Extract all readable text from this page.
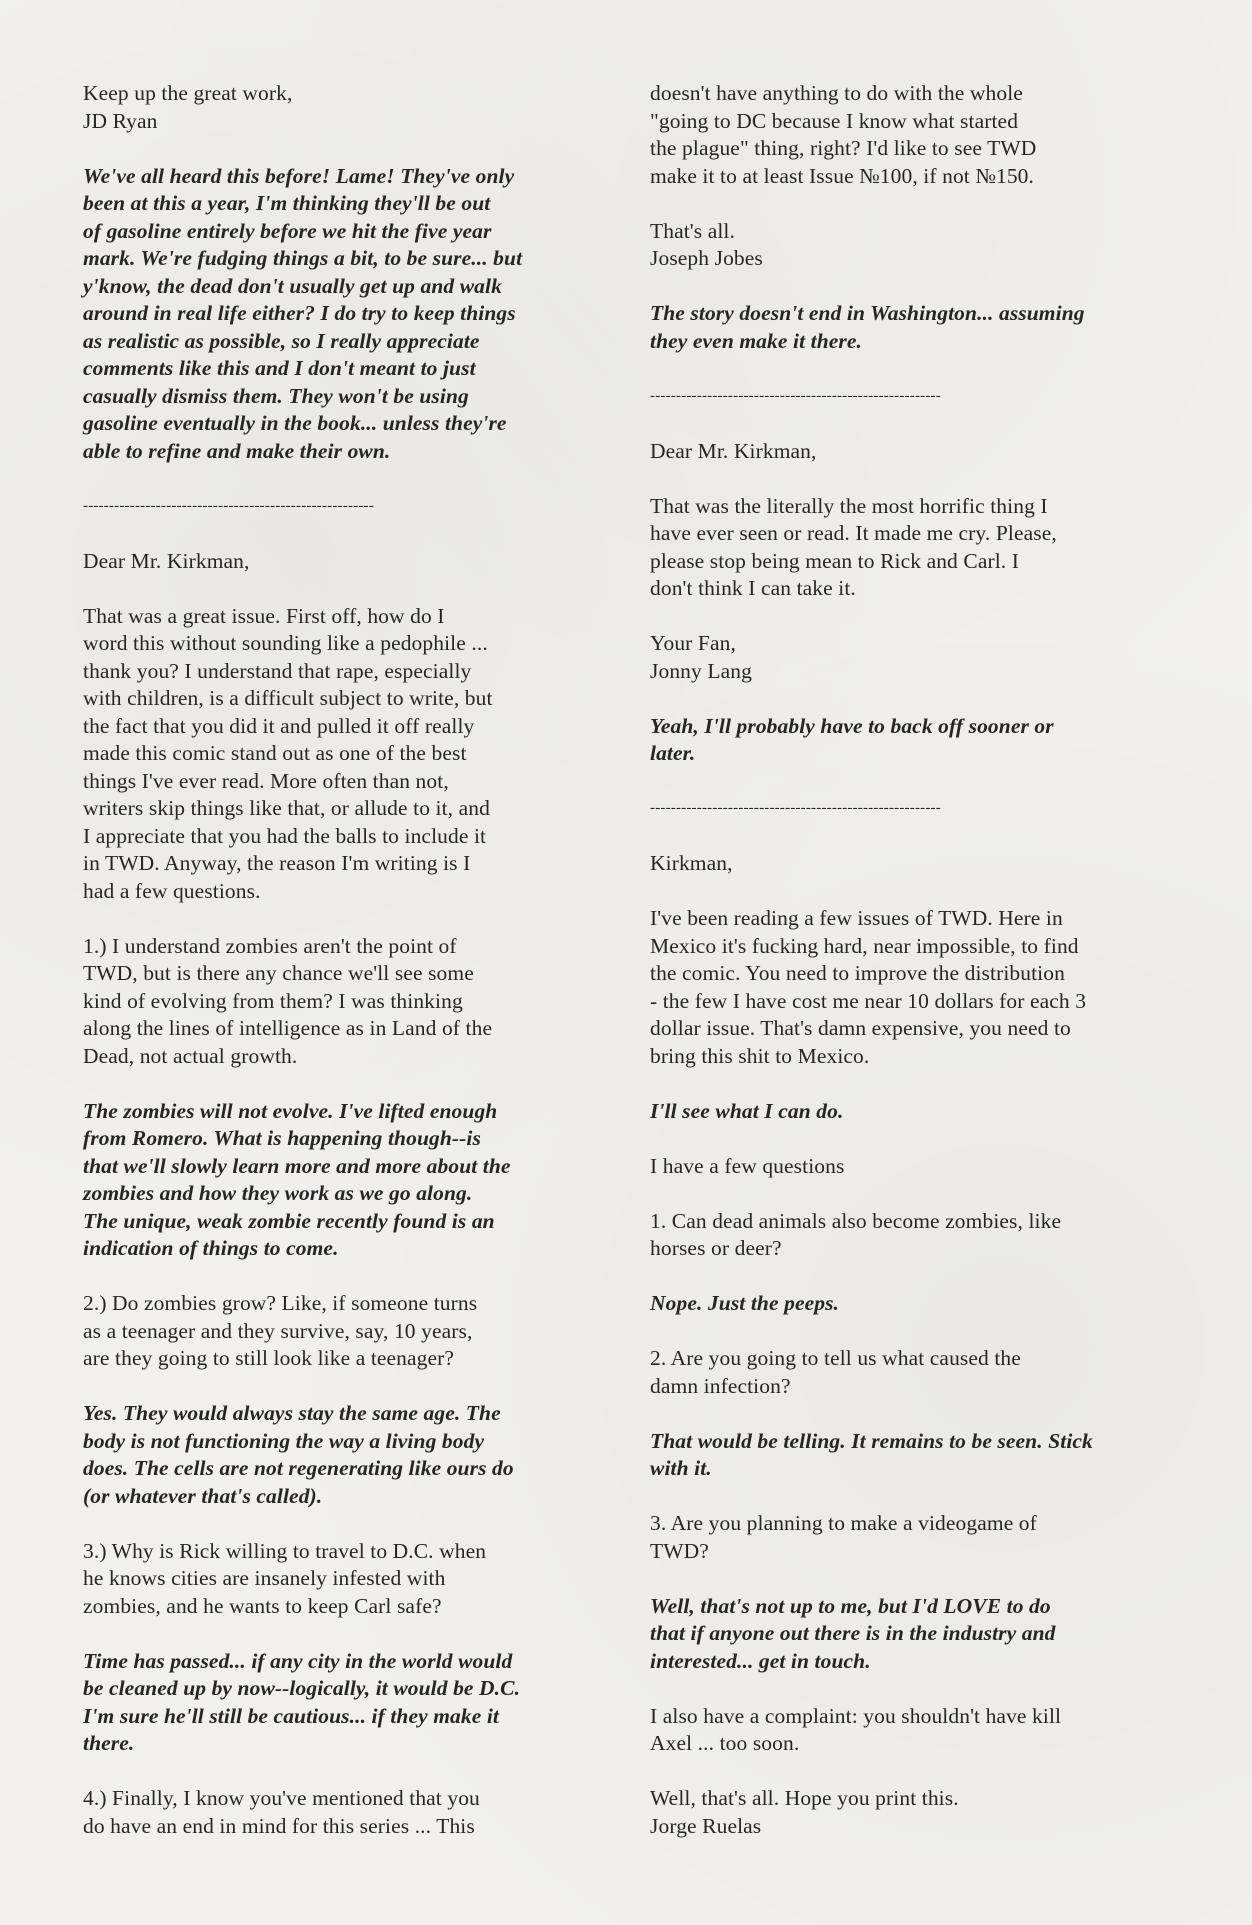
Keep up the great work,
JD Ryan

We've all heard this before! Lame! They've only
been at this a year, I'm thinking they'll be out
of gasoline entirely before we hit the five year
mark. We're fudging things a bit, to be sure... but
y'know, the dead don't usually get up and walk
around in real life either? I do try to keep things
as realistic as possible, so I really appreciate
comments like this and I don't meant to just
casually dismiss them. They won't be using
gasoline eventually in the book... unless they're
able to refine and make their own.

--------------------------------------------------------

Dear Mr. Kirkman,

That was a great issue. First off, how do I
word this without sounding like a pedophile ...
thank you? I understand that rape, especially
with children, is a difficult subject to write, but
the fact that you did it and pulled it off really
made this comic stand out as one of the best
things I've ever read. More often than not,
writers skip things like that, or allude to it, and
I appreciate that you had the balls to include it
in TWD. Anyway, the reason I'm writing is I
had a few questions.

1.) I understand zombies aren't the point of
TWD, but is there any chance we'll see some
kind of evolving from them? I was thinking
along the lines of intelligence as in Land of the
Dead, not actual growth.

The zombies will not evolve. I've lifted enough
from Romero. What is happening though--is
that we'll slowly learn more and more about the
zombies and how they work as we go along.
The unique, weak zombie recently found is an
indication of things to come.

2.) Do zombies grow? Like, if someone turns
as a teenager and they survive, say, 10 years,
are they going to still look like a teenager?

Yes. They would always stay the same age. The
body is not functioning the way a living body
does. The cells are not regenerating like ours do
(or whatever that's called).

3.) Why is Rick willing to travel to D.C. when
he knows cities are insanely infested with
zombies, and he wants to keep Carl safe?

Time has passed... if any city in the world would
be cleaned up by now--logically, it would be D.C.
I'm sure he'll still be cautious... if they make it
there.

4.) Finally, I know you've mentioned that you
do have an end in mind for this series ... This

doesn't have anything to do with the whole
"going to DC because I know what started
the plague" thing, right? I'd like to see TWD
make it to at least Issue №100, if not №150.

That's all.
Joseph Jobes

The story doesn't end in Washington... assuming
they even make it there.

--------------------------------------------------------

Dear Mr. Kirkman,

That was the literally the most horrific thing I
have ever seen or read. It made me cry. Please,
please stop being mean to Rick and Carl. I
don't think I can take it.

Your Fan,
Jonny Lang

Yeah, I'll probably have to back off sooner or
later.

--------------------------------------------------------

Kirkman,

I've been reading a few issues of TWD. Here in
Mexico it's fucking hard, near impossible, to find
the comic. You need to improve the distribution
- the few I have cost me near 10 dollars for each 3
dollar issue. That's damn expensive, you need to
bring this shit to Mexico.

I'll see what I can do.

I have a few questions

1. Can dead animals also become zombies, like
horses or deer?

Nope. Just the peeps.

2. Are you going to tell us what caused the
damn infection?

That would be telling. It remains to be seen. Stick
with it.

3. Are you planning to make a videogame of
TWD?

Well, that's not up to me, but I'd LOVE to do
that if anyone out there is in the industry and
interested... get in touch.

I also have a complaint: you shouldn't have kill
Axel ... too soon.

Well, that's all. Hope you print this.
Jorge Ruelas
